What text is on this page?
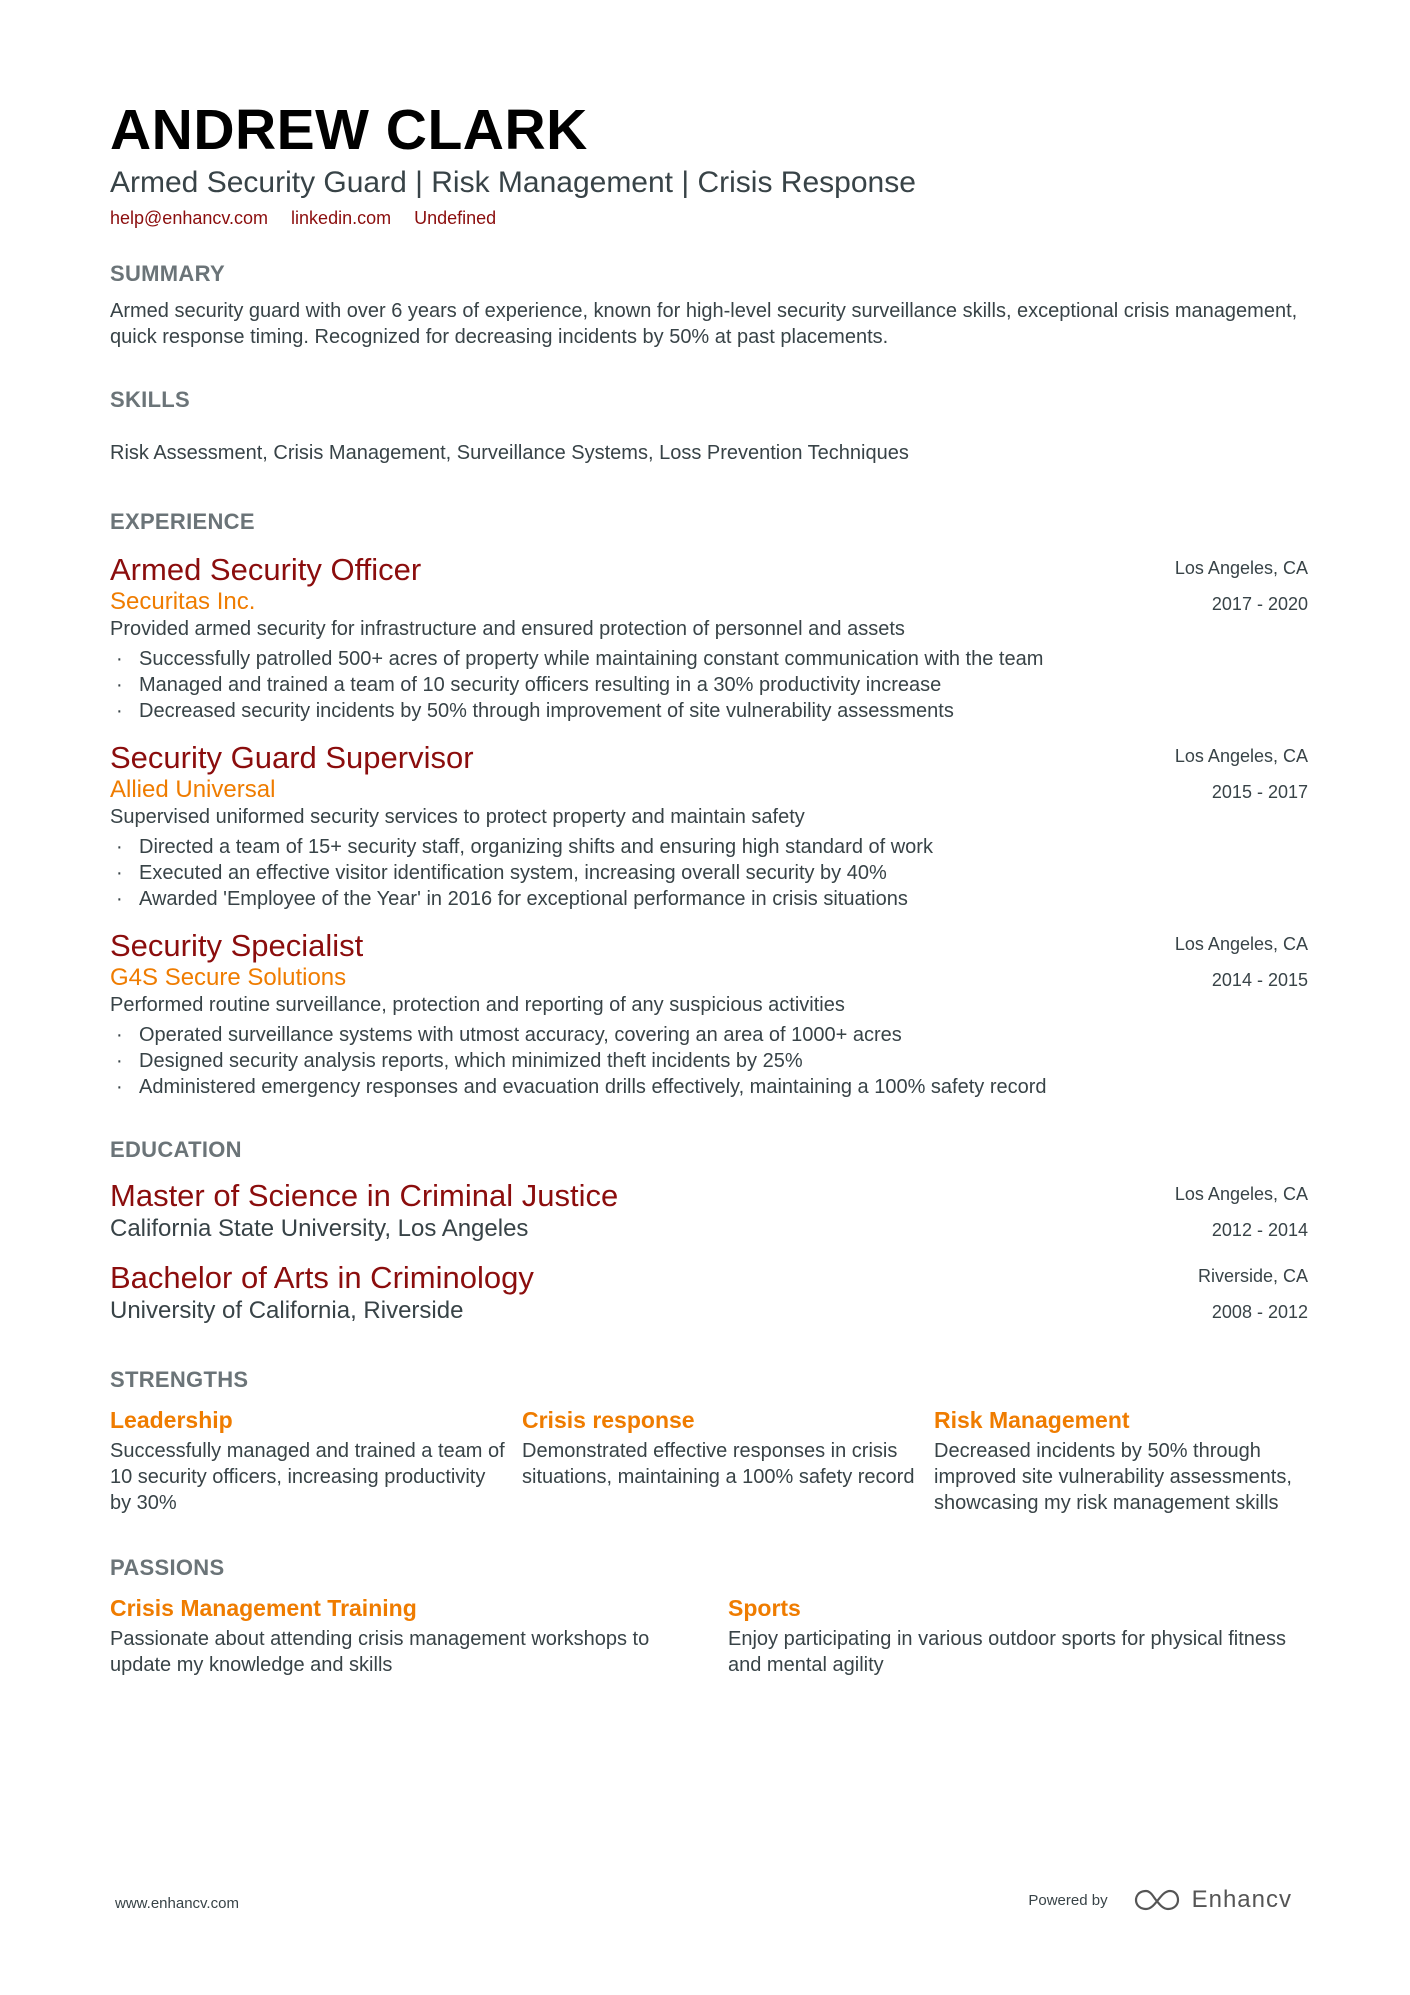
ANDREW CLARK
Armed Security Guard | Risk Management | Crisis Response
help@enhancv.com linkedin.com Undefined
SUMMARY
Armed security guard with over 6 years of experience, known for high-level security surveillance skills, exceptional crisis management, quick response timing. Recognized for decreasing incidents by 50% at past placements.
SKILLS
Risk Assessment, Crisis Management, Surveillance Systems, Loss Prevention Techniques
EXPERIENCE
Armed Security Officer
Securitas Inc.
Los Angeles, CA
2017 - 2020
Provided armed security for infrastructure and ensured protection of personnel and assets
· Successfully patrolled 500+ acres of property while maintaining constant communication with the team
· Managed and trained a team of 10 security officers resulting in a 30% productivity increase
· Decreased security incidents by 50% through improvement of site vulnerability assessments
Security Guard Supervisor
Allied Universal
Los Angeles, CA
2015 - 2017
Supervised uniformed security services to protect property and maintain safety
· Directed a team of 15+ security staff, organizing shifts and ensuring high standard of work
· Executed an effective visitor identification system, increasing overall security by 40%
· Awarded 'Employee of the Year' in 2016 for exceptional performance in crisis situations
Security Specialist
G4S Secure Solutions
Los Angeles, CA
2014 - 2015
Performed routine surveillance, protection and reporting of any suspicious activities
· Operated surveillance systems with utmost accuracy, covering an area of 1000+ acres
· Designed security analysis reports, which minimized theft incidents by 25%
· Administered emergency responses and evacuation drills effectively, maintaining a 100% safety record
EDUCATION
Master of Science in Criminal Justice
California State University, Los Angeles
Los Angeles, CA
2012 - 2014
Bachelor of Arts in Criminology
University of California, Riverside
Riverside, CA
2008 - 2012
STRENGTHS
Leadership
Successfully managed and trained a team of 10 security officers, increasing productivity by 30%
Crisis response
Demonstrated effective responses in crisis situations, maintaining a 100% safety record
Risk Management
Decreased incidents by 50% through improved site vulnerability assessments, showcasing my risk management skills
PASSIONS
Crisis Management Training
Passionate about attending crisis management workshops to update my knowledge and skills
Sports
Enjoy participating in various outdoor sports for physical fitness and mental agility
www.enhancv.com	Powered by	Enhancv
